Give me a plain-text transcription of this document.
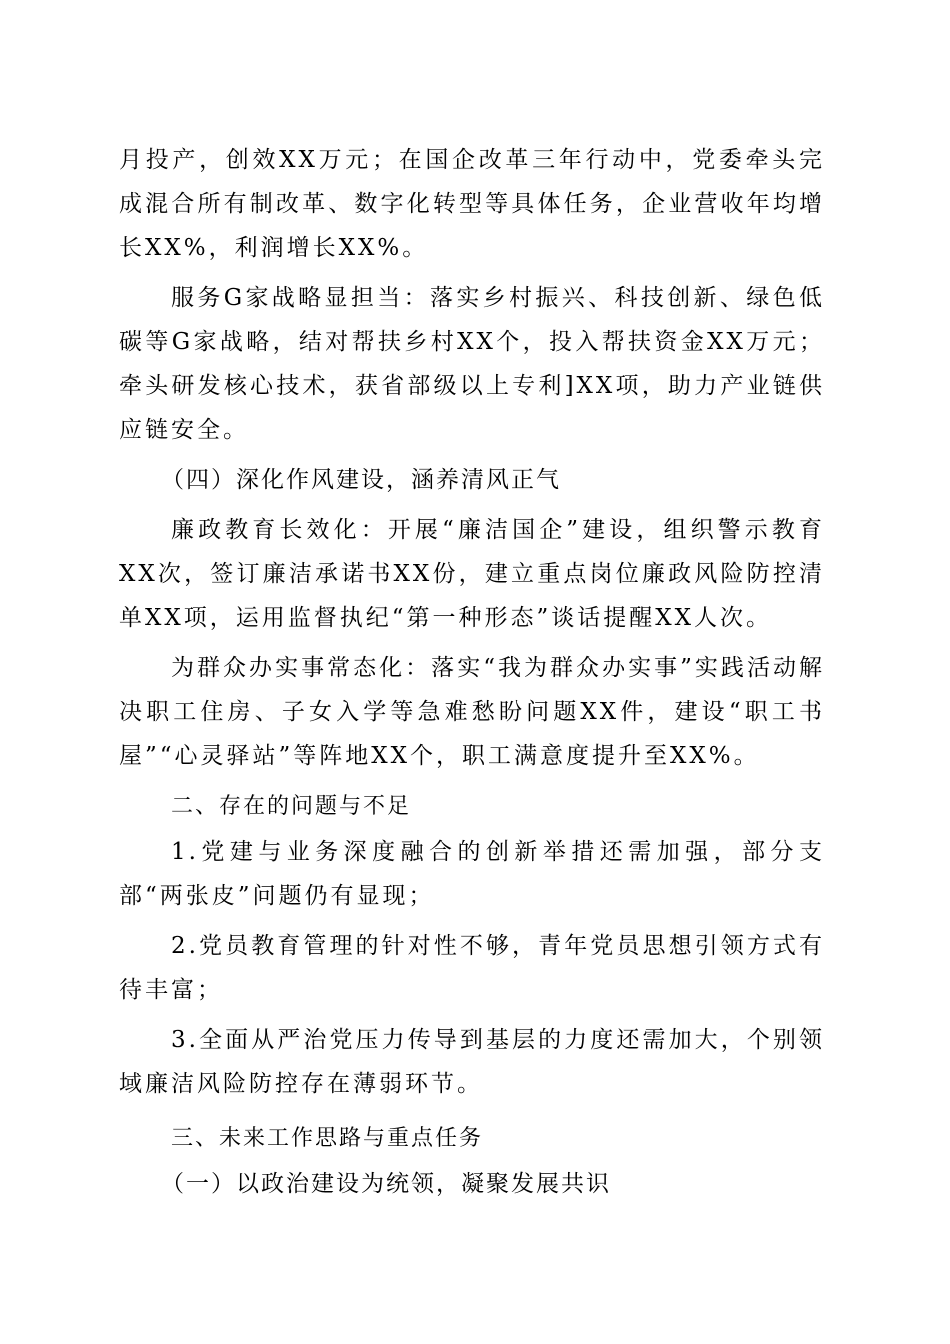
月投产，创效XX万元；在国企改革三年行动中，党委牵头完成混合所有制改革、数字化转型等具体任务，企业营收年均增长XX%，利润增长XX%。

服务G家战略显担当：落实乡村振兴、科技创新、绿色低碳等G家战略，结对帮扶乡村XX个，投入帮扶资金XX万元；牵头研发核心技术，获省部级以上专利]XX项，助力产业链供应链安全。

（四）深化作风建设，涵养清风正气

廉政教育长效化：开展“廉洁国企”建设，组织警示教育XX次，签订廉洁承诺书XX份，建立重点岗位廉政风险防控清单XX项，运用监督执纪“第一种形态”谈话提醒XX人次。

为群众办实事常态化：落实“我为群众办实事”实践活动解决职工住房、子女入学等急难愁盼问题XX件，建设“职工书屋”“心灵驿站”等阵地XX个，职工满意度提升至XX%。

二、存在的问题与不足

1.党建与业务深度融合的创新举措还需加强，部分支部“两张皮”问题仍有显现；

2.党员教育管理的针对性不够，青年党员思想引领方式有待丰富；

3.全面从严治党压力传导到基层的力度还需加大，个别领域廉洁风险防控存在薄弱环节。

三、未来工作思路与重点任务

（一）以政治建设为统领，凝聚发展共识
